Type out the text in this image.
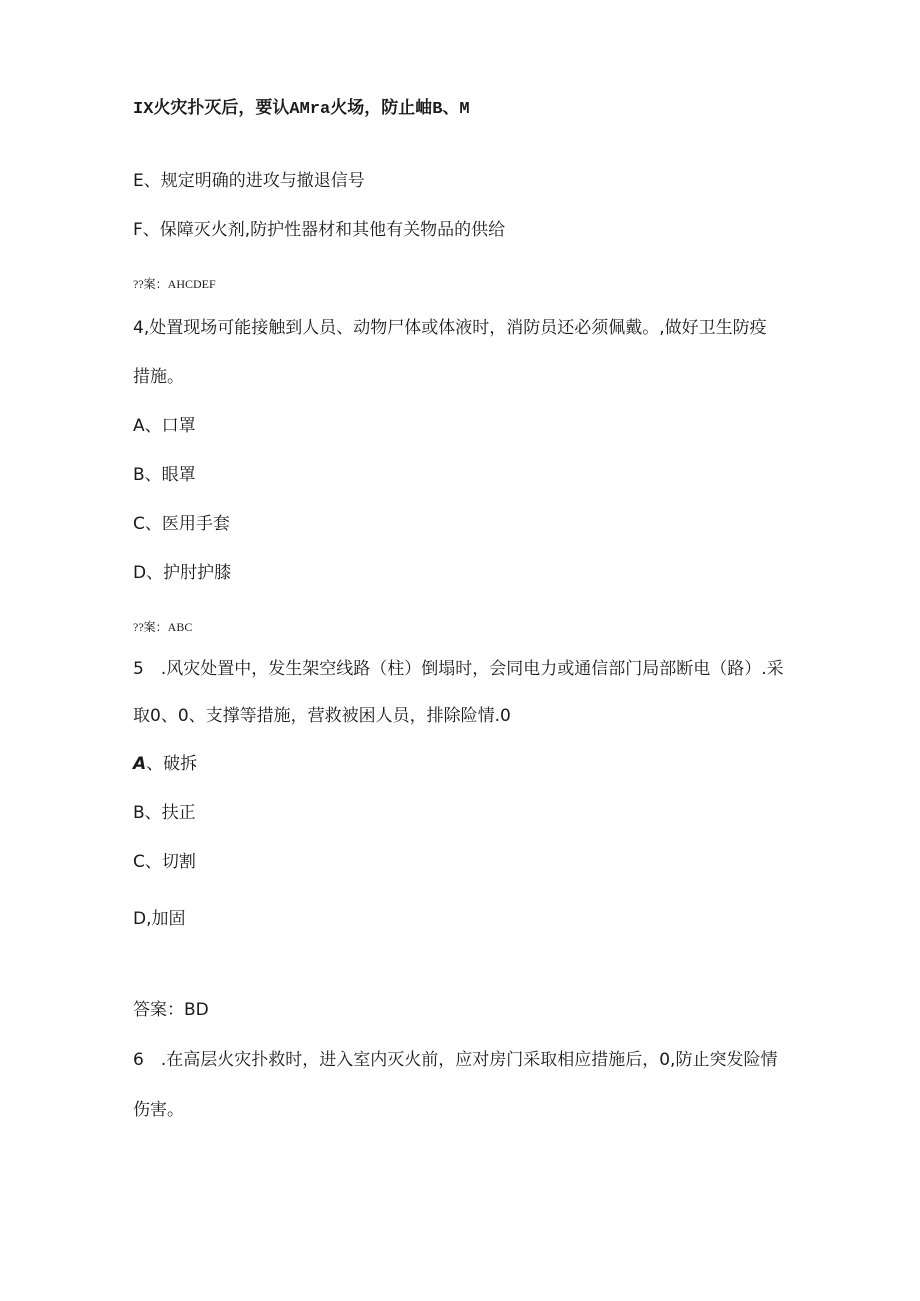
IX火灾扑灭后，要认AMra火场，防止岫B、M
E、规定明确的进攻与撤退信号
F、保障灭火剂,防护性器材和其他有关物品的供给
??案：AHCDEF
4,处置现场可能接触到人员、动物尸体或体液时，消防员还必须佩戴。,做好卫生防疫
措施。
A、口罩
B、眼罩
C、医用手套
D、护肘护膝
??案：ABC
5　.风灾处置中，发生架空线路（柱）倒塌时，会同电力或通信部门局部断电（路）.采
取0、0、支撑等措施，营救被困人员，排除险情.0
A、破拆
B、扶正
C、切割
D,加固
答案：BD
6　.在高层火灾扑救时，进入室内灭火前，应对房门采取相应措施后，0,防止突发险情
伤害。
